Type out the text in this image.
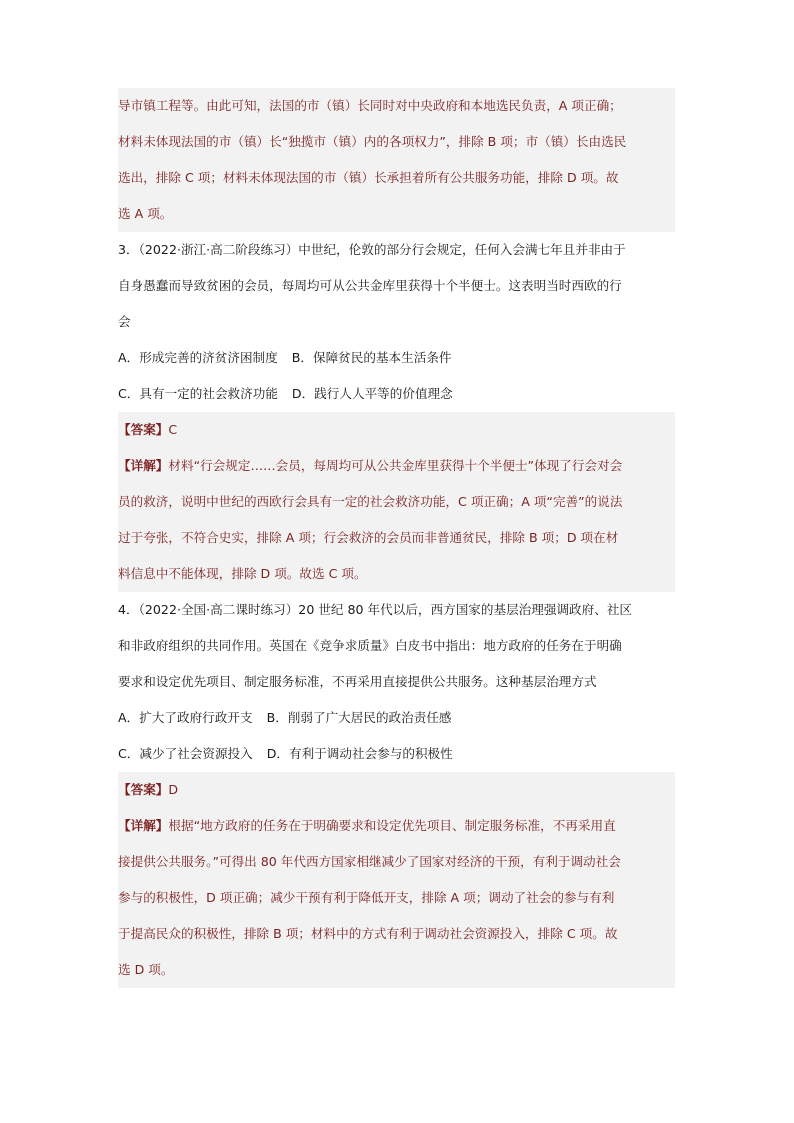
导市镇工程等。由此可知，法国的市（镇）长同时对中央政府和本地选民负责，A 项正确；
材料未体现法国的市（镇）长“独揽市（镇）内的各项权力”，排除 B 项；市（镇）长由选民
选出，排除 C 项；材料未体现法国的市（镇）长承担着所有公共服务功能，排除 D 项。故
选 A 项。
3．（2022·浙江·高二阶段练习）中世纪，伦敦的部分行会规定，任何入会满七年且并非由于
自身愚蠢而导致贫困的会员，每周均可从公共金库里获得十个半便士。这表明当时西欧的行
会
A．形成完善的济贫济困制度 B．保障贫民的基本生活条件
C．具有一定的社会救济功能 D．践行人人平等的价值理念
【答案】C
【详解】材料“行会规定……会员，每周均可从公共金库里获得十个半便士”体现了行会对会
员的救济，说明中世纪的西欧行会具有一定的社会救济功能，C 项正确；A 项“完善”的说法
过于夸张，不符合史实，排除 A 项；行会救济的会员而非普通贫民，排除 B 项；D 项在材
料信息中不能体现，排除 D 项。故选 C 项。
4．（2022·全国·高二课时练习）20 世纪 80 年代以后，西方国家的基层治理强调政府、社区
和非政府组织的共同作用。英国在《竞争求质量》白皮书中指出：地方政府的任务在于明确
要求和设定优先项目、制定服务标准，不再采用直接提供公共服务。这种基层治理方式
A．扩大了政府行政开支 B．削弱了广大居民的政治责任感
C．减少了社会资源投入 D．有利于调动社会参与的积极性
【答案】D
【详解】根据“地方政府的任务在于明确要求和设定优先项目、制定服务标准，不再采用直
接提供公共服务。”可得出 80 年代西方国家相继减少了国家对经济的干预，有利于调动社会
参与的积极性，D 项正确；减少干预有利于降低开支，排除 A 项；调动了社会的参与有利
于提高民众的积极性，排除 B 项；材料中的方式有利于调动社会资源投入，排除 C 项。故
选 D 项。
